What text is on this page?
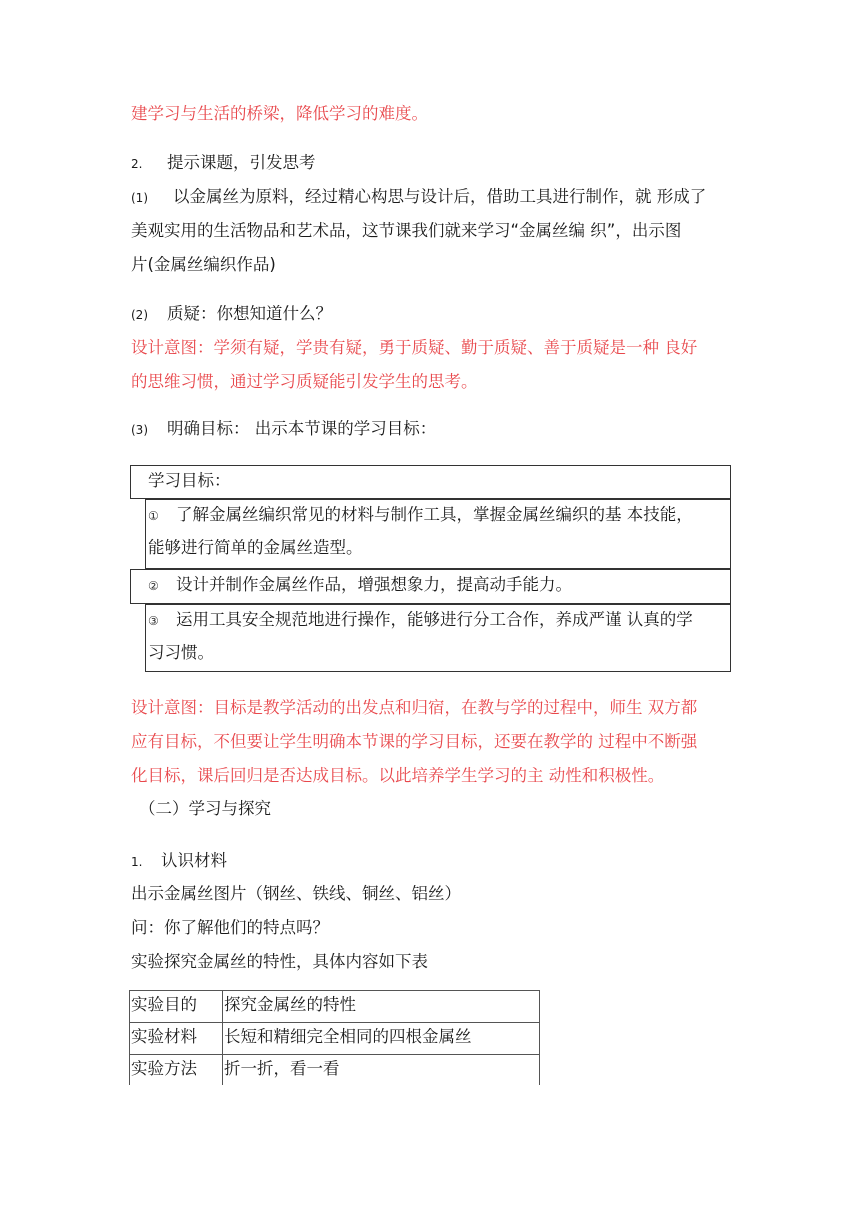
建学习与生活的桥梁，降低学习的难度。
2. 提示课题，引发思考
(1) 以金属丝为原料，经过精心构思与设计后，借助工具进行制作，就 形成了
美观实用的生活物品和艺术品，这节课我们就来学习“金属丝编 织”，出示图
片(金属丝编织作品)
(2) 质疑：你想知道什么？
设计意图：学须有疑，学贵有疑，勇于质疑、勤于质疑、善于质疑是一种 良好
的思维习惯，通过学习质疑能引发学生的思考。
(3) 明确目标： 出示本节课的学习目标：
学习目标：
① 了解金属丝编织常见的材料与制作工具，掌握金属丝编织的基 本技能，
能够进行简单的金属丝造型。
② 设计并制作金属丝作品，增强想象力，提高动手能力。
③ 运用工具安全规范地进行操作，能够进行分工合作，养成严谨 认真的学
习习惯。
设计意图：目标是教学活动的出发点和归宿，在教与学的过程中，师生 双方都
应有目标，不但要让学生明确本节课的学习目标，还要在教学的 过程中不断强
化目标，课后回归是否达成目标。以此培养学生学习的主 动性和积极性。
（二）学习与探究
1. 认识材料
出示金属丝图片（钢丝、铁线、铜丝、铝丝）
问：你了解他们的特点吗？
实验探究金属丝的特性，具体内容如下表
实验目的	探究金属丝的特性
实验材料	长短和精细完全相同的四根金属丝
实验方法	折一折，看一看
